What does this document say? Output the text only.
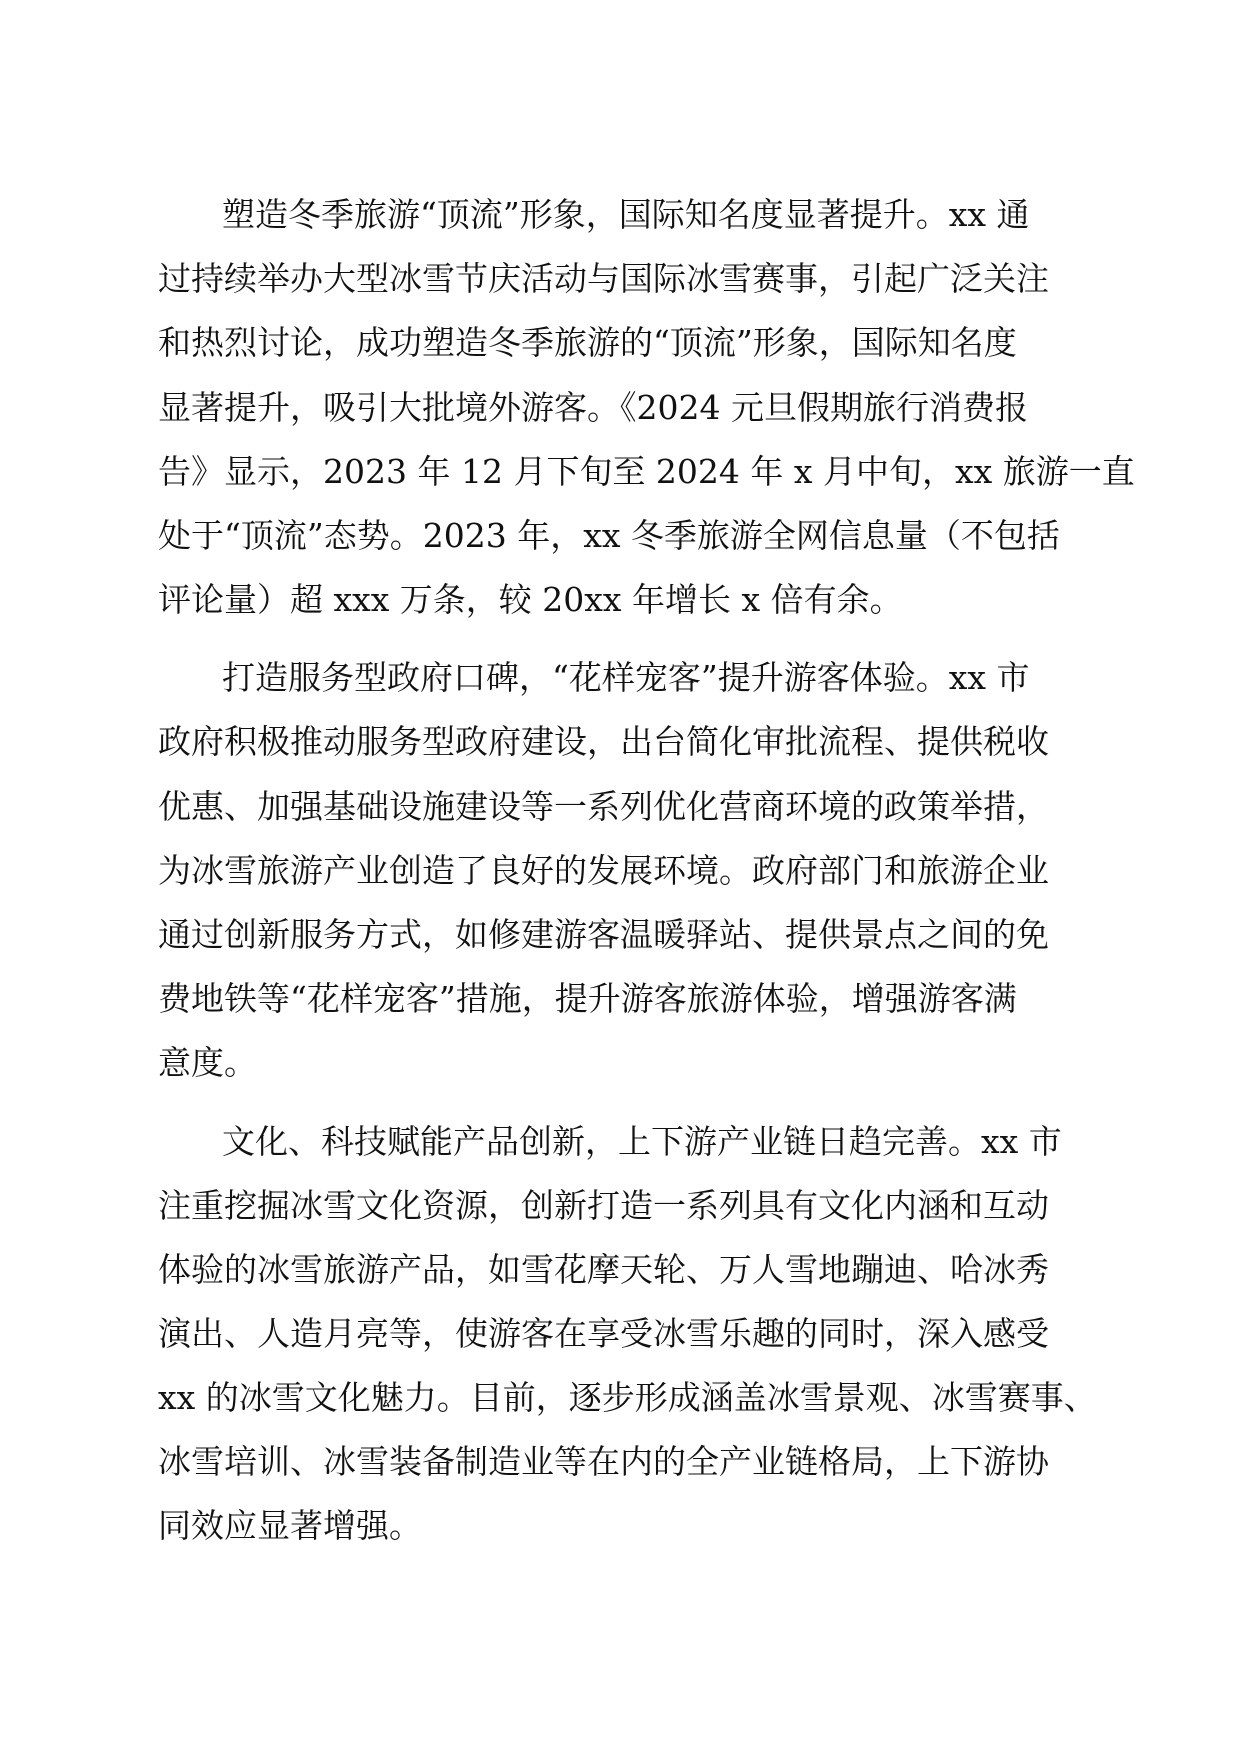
塑造冬季旅游“顶流”形象，国际知名度显著提升。xx 通
过持续举办大型冰雪节庆活动与国际冰雪赛事，引起广泛关注
和热烈讨论，成功塑造冬季旅游的“顶流”形象，国际知名度
显著提升，吸引大批境外游客。《2024 元旦假期旅行消费报
告》显示，2023 年 12 月下旬至 2024 年 x 月中旬，xx 旅游一直
处于“顶流”态势。2023 年，xx 冬季旅游全网信息量（不包括
评论量）超 xxx 万条，较 20xx 年增长 x 倍有余。
打造服务型政府口碑，“花样宠客”提升游客体验。xx 市
政府积极推动服务型政府建设，出台简化审批流程、提供税收
优惠、加强基础设施建设等一系列优化营商环境的政策举措，
为冰雪旅游产业创造了良好的发展环境。政府部门和旅游企业
通过创新服务方式，如修建游客温暖驿站、提供景点之间的免
费地铁等“花样宠客”措施，提升游客旅游体验，增强游客满
意度。
文化、科技赋能产品创新，上下游产业链日趋完善。xx 市
注重挖掘冰雪文化资源，创新打造一系列具有文化内涵和互动
体验的冰雪旅游产品，如雪花摩天轮、万人雪地蹦迪、哈冰秀
演出、人造月亮等，使游客在享受冰雪乐趣的同时，深入感受
xx 的冰雪文化魅力。目前，逐步形成涵盖冰雪景观、冰雪赛事、
冰雪培训、冰雪装备制造业等在内的全产业链格局，上下游协
同效应显著增强。
